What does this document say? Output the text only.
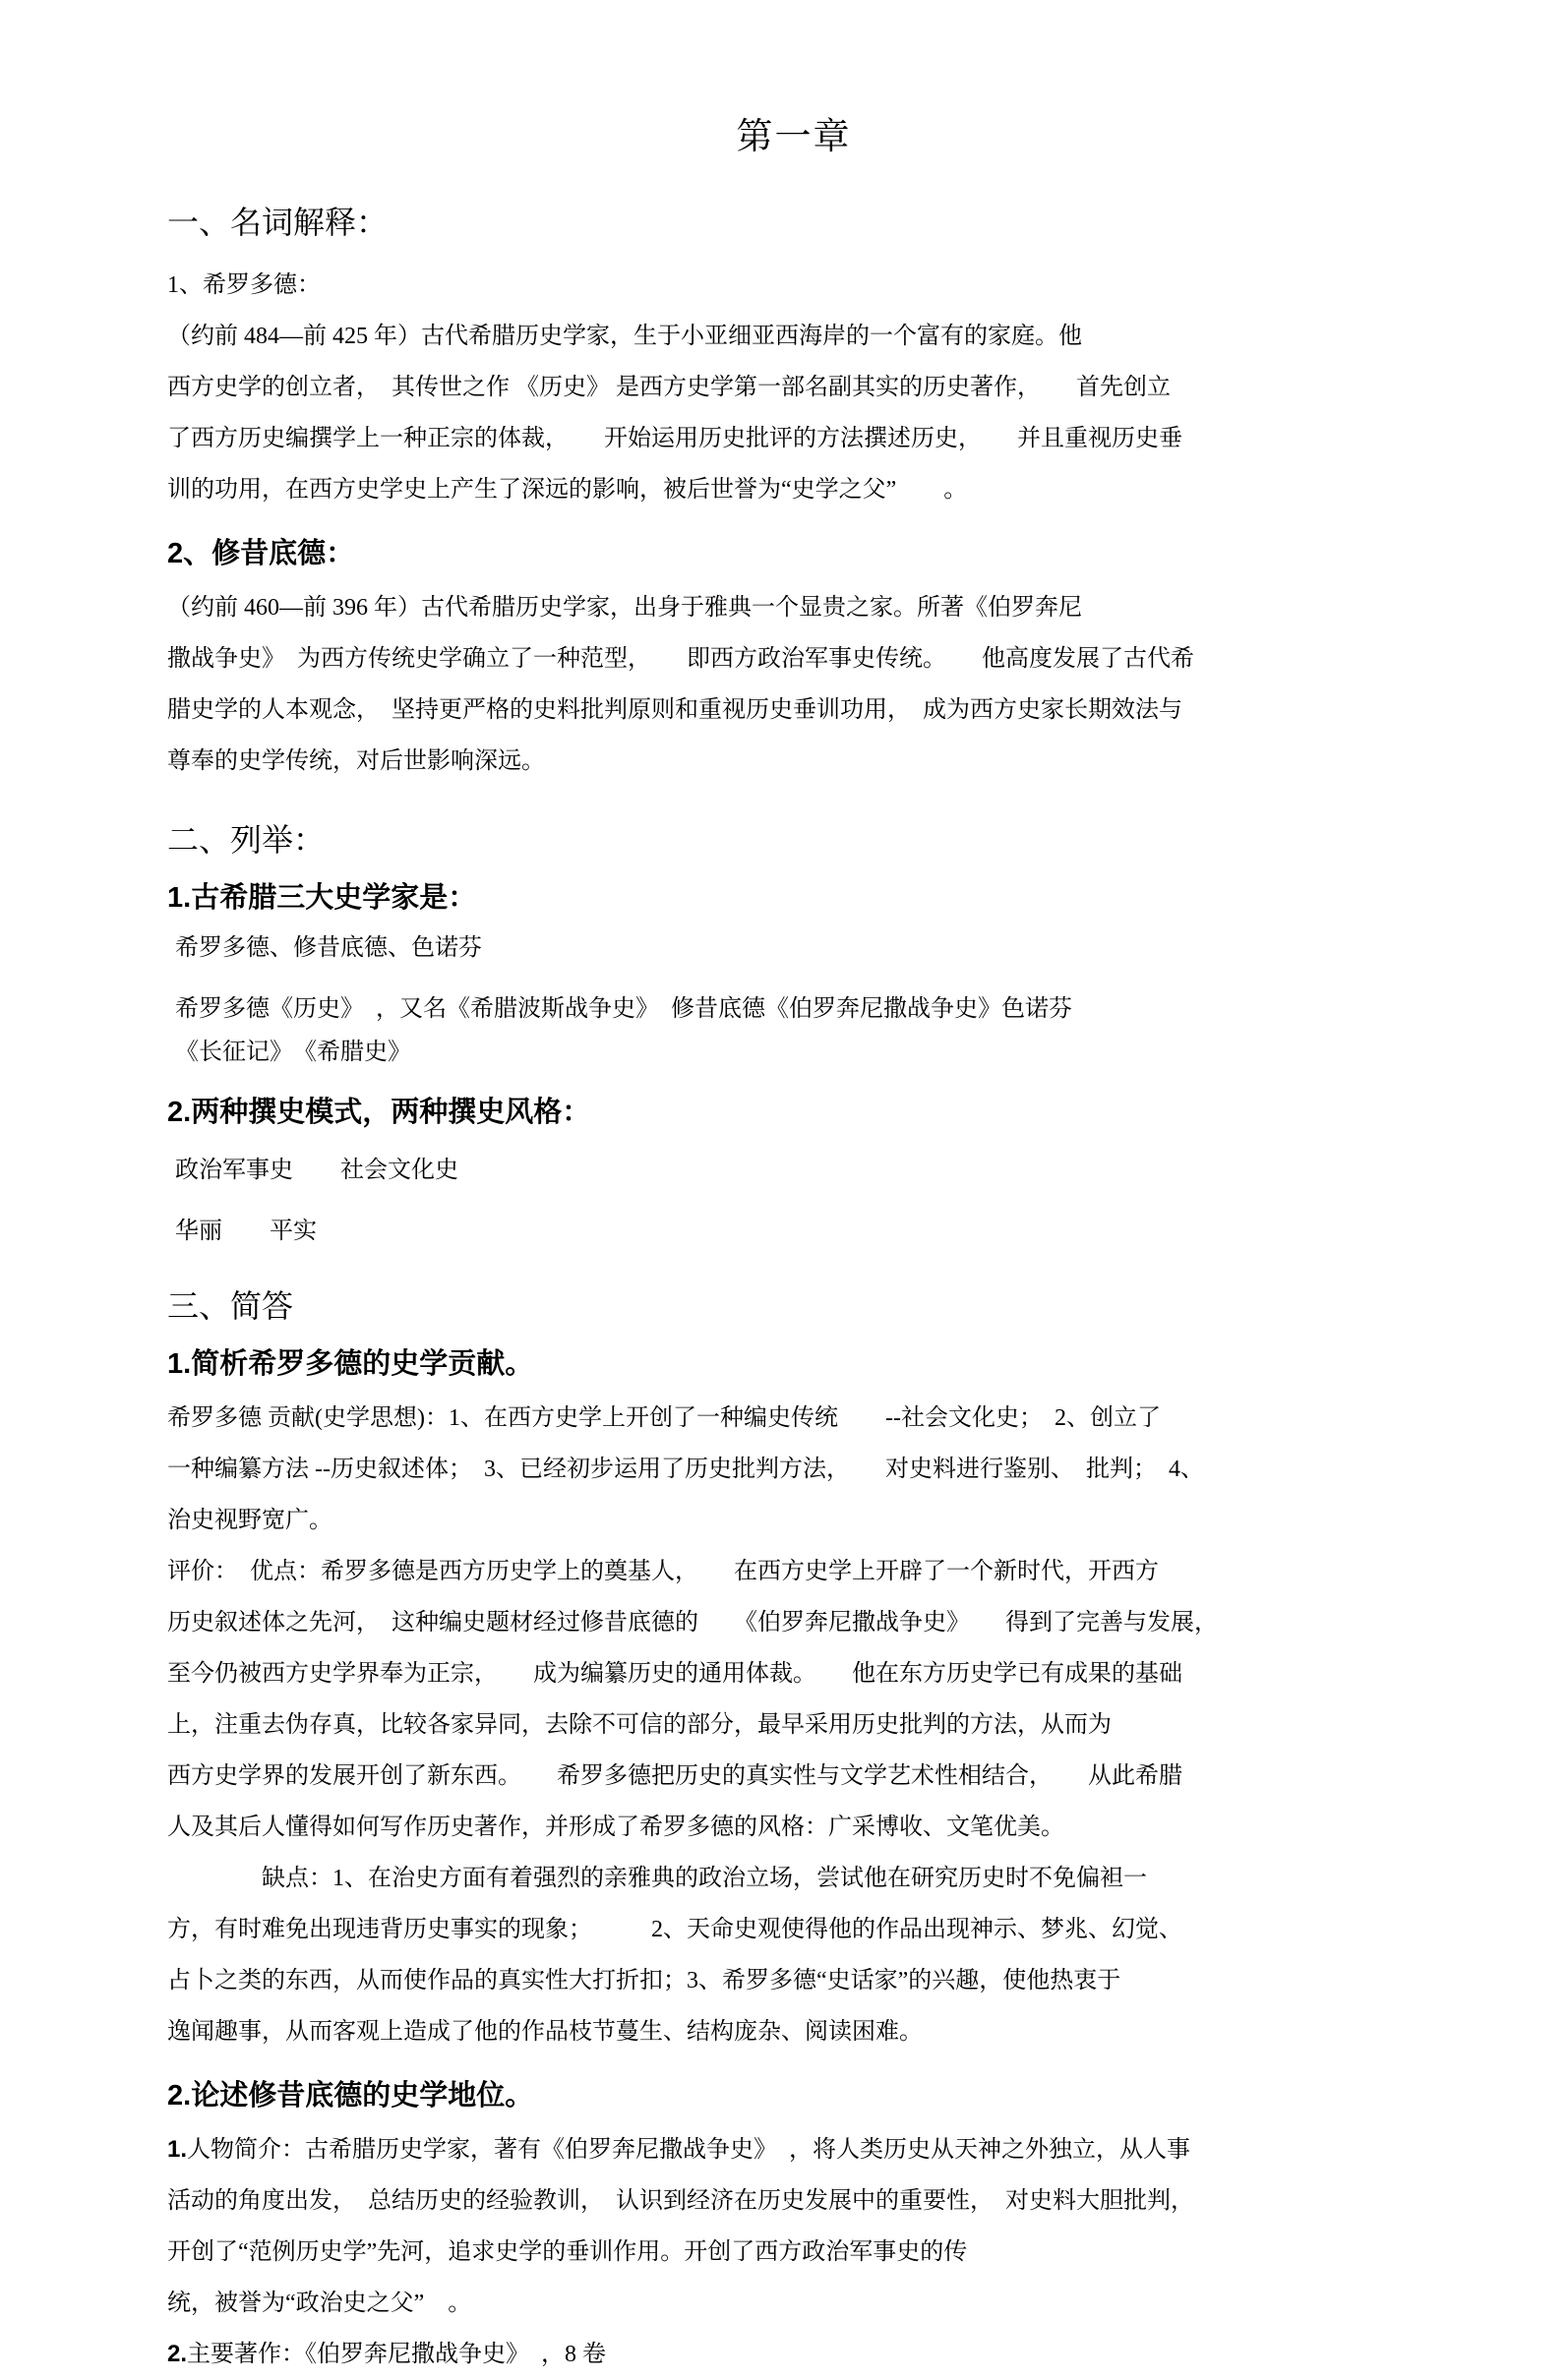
第一章
一、名词解释：
1、希罗多德：
（约前 484—前 425 年）古代希腊历史学家，生于小亚细亚西海岸的一个富有的家庭。他
西方史学的创立者，　其传世之作 《历史》 是西方史学第一部名副其实的历史著作，　　首先创立
了西方历史编撰学上一种正宗的体裁，　　开始运用历史批评的方法撰述历史，　　并且重视历史垂
训的功用，在西方史学史上产生了深远的影响，被后世誉为“史学之父”　　。
2、修昔底德：
（约前 460—前 396 年）古代希腊历史学家，出身于雅典一个显贵之家。所著《伯罗奔尼
撒战争史》　为西方传统史学确立了一种范型，　　即西方政治军事史传统。　　他高度发展了古代希
腊史学的人本观念，　坚持更严格的史料批判原则和重视历史垂训功用，　成为西方史家长期效法与
尊奉的史学传统，对后世影响深远。
二、列举：
1.古希腊三大史学家是：
希罗多德、修昔底德、色诺芬
希罗多德《历史》　，又名《希腊波斯战争史》　修昔底德《伯罗奔尼撒战争史》色诺芬
《长征记》　《希腊史》
2.两种撰史模式，两种撰史风格：
政治军事史　　社会文化史
华丽　　平实
三、简答
1.简析希罗多德的史学贡献。
希罗多德 贡献(史学思想)：1、在西方史学上开创了一种编史传统　　--社会文化史；　2、创立了
一种编纂方法 --历史叙述体；　3、已经初步运用了历史批判方法，　　对史料进行鉴别、　批判；　4、
治史视野宽广。
评价：　优点：希罗多德是西方历史学上的奠基人，　　在西方史学上开辟了一个新时代，开西方
历史叙述体之先河，　这种编史题材经过修昔底德的　　《伯罗奔尼撒战争史》　　得到了完善与发展，
至今仍被西方史学界奉为正宗，　　成为编纂历史的通用体裁。　　他在东方历史学已有成果的基础
上，注重去伪存真，比较各家异同，去除不可信的部分，最早采用历史批判的方法，从而为
西方史学界的发展开创了新东西。　　希罗多德把历史的真实性与文学艺术性相结合，　　从此希腊
人及其后人懂得如何写作历史著作，并形成了希罗多德的风格：广采博收、文笔优美。
　　　　缺点：1、在治史方面有着强烈的亲雅典的政治立场，尝试他在研究历史时不免偏袒一
方，有时难免出现违背历史事实的现象；　　　2、天命史观使得他的作品出现神示、梦兆、幻觉、
占卜之类的东西，从而使作品的真实性大打折扣；3、希罗多德“史话家”的兴趣，使他热衷于
逸闻趣事，从而客观上造成了他的作品枝节蔓生、结构庞杂、阅读困难。
2.论述修昔底德的史学地位。
1.人物简介：古希腊历史学家，著有《伯罗奔尼撒战争史》　，将人类历史从天神之外独立，从人事
活动的角度出发，　总结历史的经验教训，　认识到经济在历史发展中的重要性，　对史料大胆批判，
开创了“范例历史学”先河，追求史学的垂训作用。开创了西方政治军事史的传
统，被誉为“政治史之父”　。
2.主要著作：《伯罗奔尼撒战争史》　，8 卷
